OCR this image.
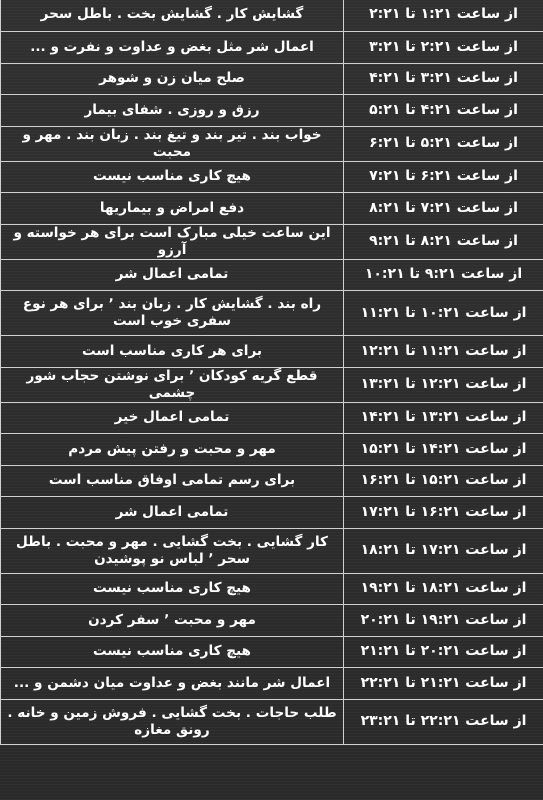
از ساعت ۱:۲۱ تا ۲:۲۱	گشایش کار . گشایش بخت . باطل سحر
از ساعت ۲:۲۱ تا ۳:۲۱	اعمال شر مثل بغض و عداوت و نفرت و ...
از ساعت ۳:۲۱ تا ۴:۲۱	صلح میان زن و شوهر
از ساعت ۴:۲۱ تا ۵:۲۱	رزق و روزی . شفای بیمار
از ساعت ۵:۲۱ تا ۶:۲۱	خواب بند . تیر بند و تیغ بند . زبان بند . مهر و محبت
از ساعت ۶:۲۱ تا ۷:۲۱	هیچ کاری مناسب نیست
از ساعت ۷:۲۱ تا ۸:۲۱	دفع امراض و بیماریها
از ساعت ۸:۲۱ تا ۹:۲۱	این ساعت خیلی مبارک است برای هر خواسته و آرزو
از ساعت ۹:۲۱ تا ۱۰:۲۱	تمامی اعمال شر
از ساعت ۱۰:۲۱ تا ۱۱:۲۱	راه بند . گشایش کار . زبان بند ٬ برای هر نوع سفری خوب است
از ساعت ۱۱:۲۱ تا ۱۲:۲۱	برای هر کاری مناسب است
از ساعت ۱۲:۲۱ تا ۱۳:۲۱	قطع گریه کودکان ٬ برای نوشتن حجاب شور چشمی
از ساعت ۱۳:۲۱ تا ۱۴:۲۱	تمامی اعمال خیر
از ساعت ۱۴:۲۱ تا ۱۵:۲۱	مهر و محبت و رفتن پیش مردم
از ساعت ۱۵:۲۱ تا ۱۶:۲۱	برای رسم تمامی اوفاق مناسب است
از ساعت ۱۶:۲۱ تا ۱۷:۲۱	تمامی اعمال شر
از ساعت ۱۷:۲۱ تا ۱۸:۲۱	کار گشایی . بخت گشایی . مهر و محبت . باطل سحر ٬ لباس نو پوشیدن
از ساعت ۱۸:۲۱ تا ۱۹:۲۱	هیچ کاری مناسب نیست
از ساعت ۱۹:۲۱ تا ۲۰:۲۱	مهر و محبت ٬ سفر کردن
از ساعت ۲۰:۲۱ تا ۲۱:۲۱	هیچ کاری مناسب نیست
از ساعت ۲۱:۲۱ تا ۲۲:۲۱	اعمال شر مانند بغض و عداوت میان دشمن و ...
از ساعت ۲۲:۲۱ تا ۲۳:۲۱	طلب حاجات . بخت گشایی . فروش زمین و خانه . رونق مغازه
